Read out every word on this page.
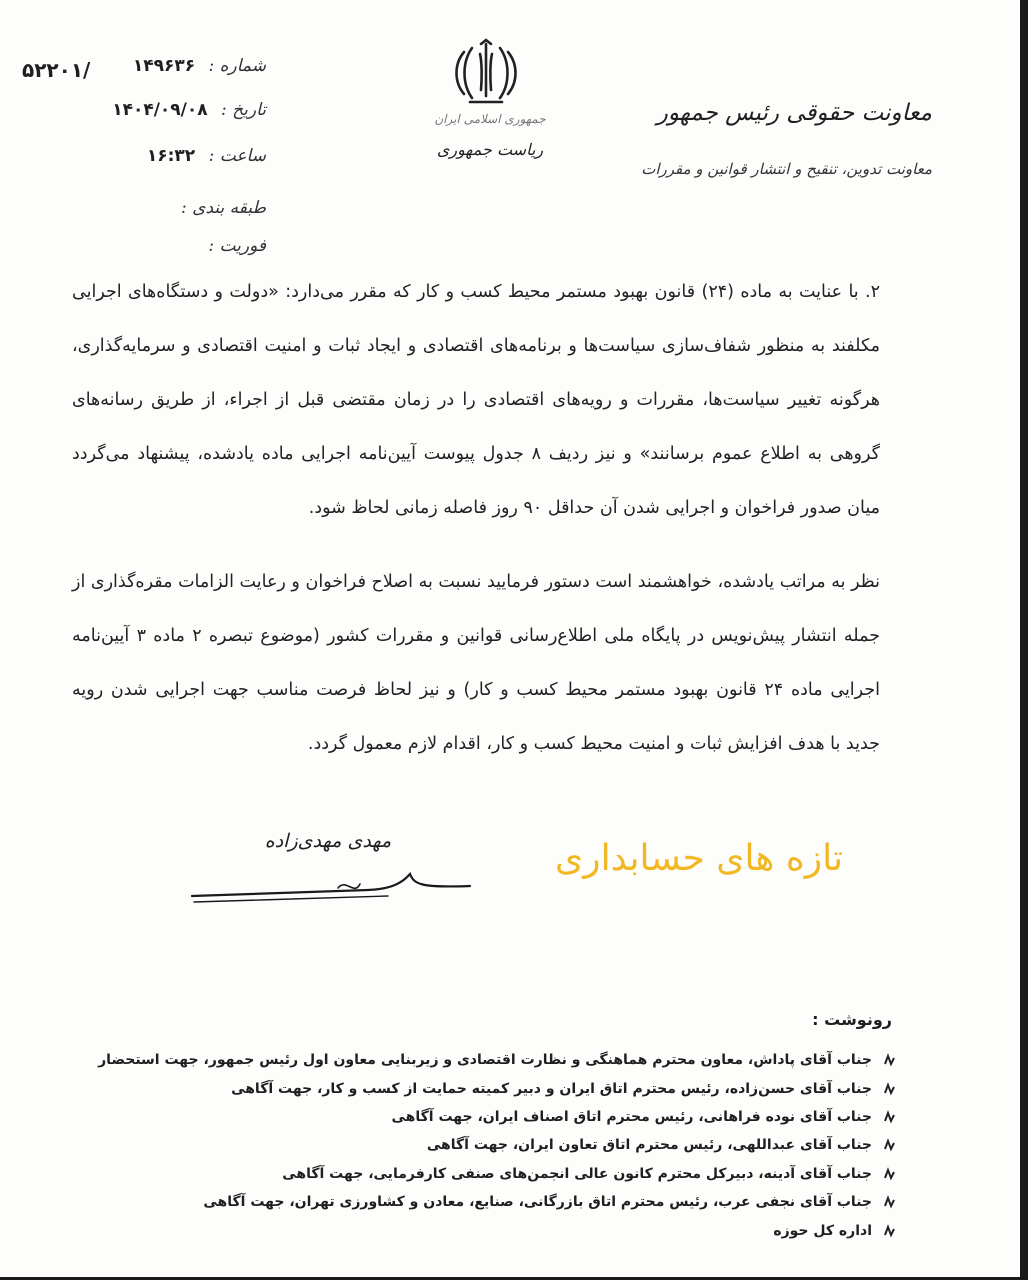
۵۲۲۰۱/	شماره : ۱۴۹۶۳۶
تاریخ : ۱۴۰۴/۰۹/۰۸
ساعت : ۱۶:۳۲
طبقه بندی :
فوریت :
جمهوری اسلامی ایران
ریاست جمهوری
معاونت حقوقی رئیس جمهور
معاونت تدوین، تنقیح و انتشار قوانین و مقررات
۲. با عنایت به ماده (۲۴) قانون بهبود مستمر محیط کسب و کار که مقرر می‌دارد: «دولت و دستگاه‌های اجرایی مکلفند به منظور شفاف‌سازی سیاست‌ها و برنامه‌های اقتصادی و ایجاد ثبات و امنیت اقتصادی و سرمایه‌گذاری، هرگونه تغییر سیاست‌ها، مقررات و رویه‌های اقتصادی را در زمان مقتضی قبل از اجراء، از طریق رسانه‌های گروهی به اطلاع عموم برسانند» و نیز ردیف ۸ جدول پیوست آیین‌نامه اجرایی ماده یادشده، پیشنهاد می‌گردد میان صدور فراخوان و اجرایی شدن آن حداقل ۹۰ روز فاصله زمانی لحاظ شود.
نظر به مراتب یادشده، خواهشمند است دستور فرمایید نسبت به اصلاح فراخوان و رعایت الزامات مقره‌گذاری از جمله انتشار پیش‌نویس در پایگاه ملی اطلاع‌رسانی قوانین و مقررات کشور (موضوع تبصره ۲ ماده ۳ آیین‌نامه اجرایی ماده ۲۴ قانون بهبود مستمر محیط کسب و کار) و نیز لحاظ فرصت مناسب جهت اجرایی شدن رویه جدید با هدف افزایش ثبات و امنیت محیط کسب و کار، اقدام لازم معمول گردد.
مهدی مهدی‌زاده	تازه های حسابداری
رونوشت :
جناب آقای پاداش، معاون محترم هماهنگی و نظارت اقتصادی و زیربنایی معاون اول رئیس جمهور، جهت استحضار
جناب آقای حسن‌زاده، رئیس محترم اتاق ایران و دبیر کمیته حمایت از کسب و کار، جهت آگاهی
جناب آقای نوده فراهانی، رئیس محترم اتاق اصناف ایران، جهت آگاهی
جناب آقای عبداللهی، رئیس محترم اتاق تعاون ایران، جهت آگاهی
جناب آقای آدینه، دبیرکل محترم کانون عالی انجمن‌های صنفی کارفرمایی، جهت آگاهی
جناب آقای نجفی عرب، رئیس محترم اتاق بازرگانی، صنایع، معادن و کشاورزی تهران، جهت آگاهی
اداره کل حوزه
